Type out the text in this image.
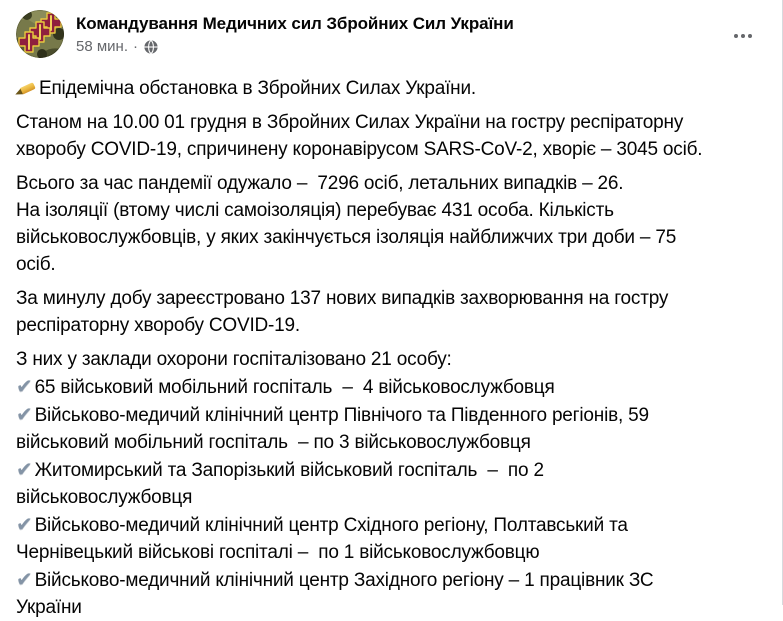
Командування Медичних сил Збройних Сил України
58 мин. ·
Епідемічна обстановка в Збройних Силах України.
Станом на 10.00 01 грудня в Збройних Силах України на гостру респіраторну
хворобу COVID-19, спричинену коронавірусом SARS-CoV-2, хворіє – 3045 осіб.
Всього за час пандемії одужало –  7296 осіб, летальних випадків – 26.
На ізоляції (втому числі самоізоляція) перебуває 431 особа. Кількість
військовослужбовців, у яких закінчується ізоляція найближчих три доби – 75
осіб.
За минулу добу зареєстровано 137 нових випадків захворювання на гостру
респіраторну хворобу COVID-19.
З них у заклади охорони госпіталізовано 21 особу:
✔ 65 військовий мобільний госпіталь  –  4 військовослужбовця
✔ Військово-медичий клінічний центр Північого та Південного регіонів, 59
військовий мобільний госпіталь  – по 3 військовослужбовця
✔ Житомирський та Запорізький військовий госпіталь  –  по 2
військовослужбовця
✔ Військово-медичий клінічний центр Східного регіону, Полтавський та
Чернівецький військові госпіталі –  по 1 військовослужбовцю
✔ Військово-медичний клінічний центр Західного регіону – 1 працівник ЗС
України
